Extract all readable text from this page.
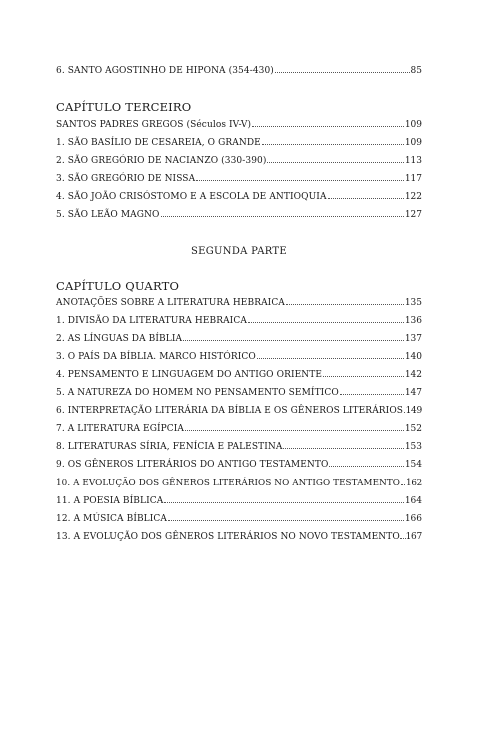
6. SANTO AGOSTINHO DE HIPONA (354-430)	85
CAPÍTULO TERCEIRO
SANTOS PADRES GREGOS (Séculos IV-V)	109
1. SÃO BASÍLIO DE CESAREIA, O GRANDE	109
2. SÃO GREGÓRIO DE NACIANZO (330-390)	113
3. SÃO GREGÓRIO DE NISSA	117
4. SÃO JOÃO CRISÓSTOMO E A ESCOLA DE ANTIOQUIA	122
5. SÃO LEÃO MAGNO	127
SEGUNDA PARTE
CAPÍTULO QUARTO
ANOTAÇÕES SOBRE A LITERATURA HEBRAICA	135
1. DIVISÃO DA LITERATURA HEBRAICA	136
2. AS LÍNGUAS DA BÍBLIA	137
3. O PAÍS DA BÍBLIA. MARCO HISTÓRICO	140
4. PENSAMENTO E LINGUAGEM DO ANTIGO ORIENTE	142
5. A NATUREZA DO HOMEM NO PENSAMENTO SEMÍTICO	147
6. INTERPRETAÇÃO LITERÁRIA DA BÍBLIA E OS GÊNEROS LITERÁRIOS 149
7. A LITERATURA EGÍPCIA	152
8. LITERATURAS SÍRIA, FENÍCIA E PALESTINA	153
9. OS GÊNEROS LITERÁRIOS DO ANTIGO TESTAMENTO	154
10. A EVOLUÇÃO DOS GÊNEROS LITERÁRIOS NO ANTIGO TESTAMENTO 162
11. A POESIA BÍBLICA	164
12. A MÚSICA BÍBLICA	166
13. A EVOLUÇÃO DOS GÊNEROS LITERÁRIOS NO NOVO TESTAMENTO 167
